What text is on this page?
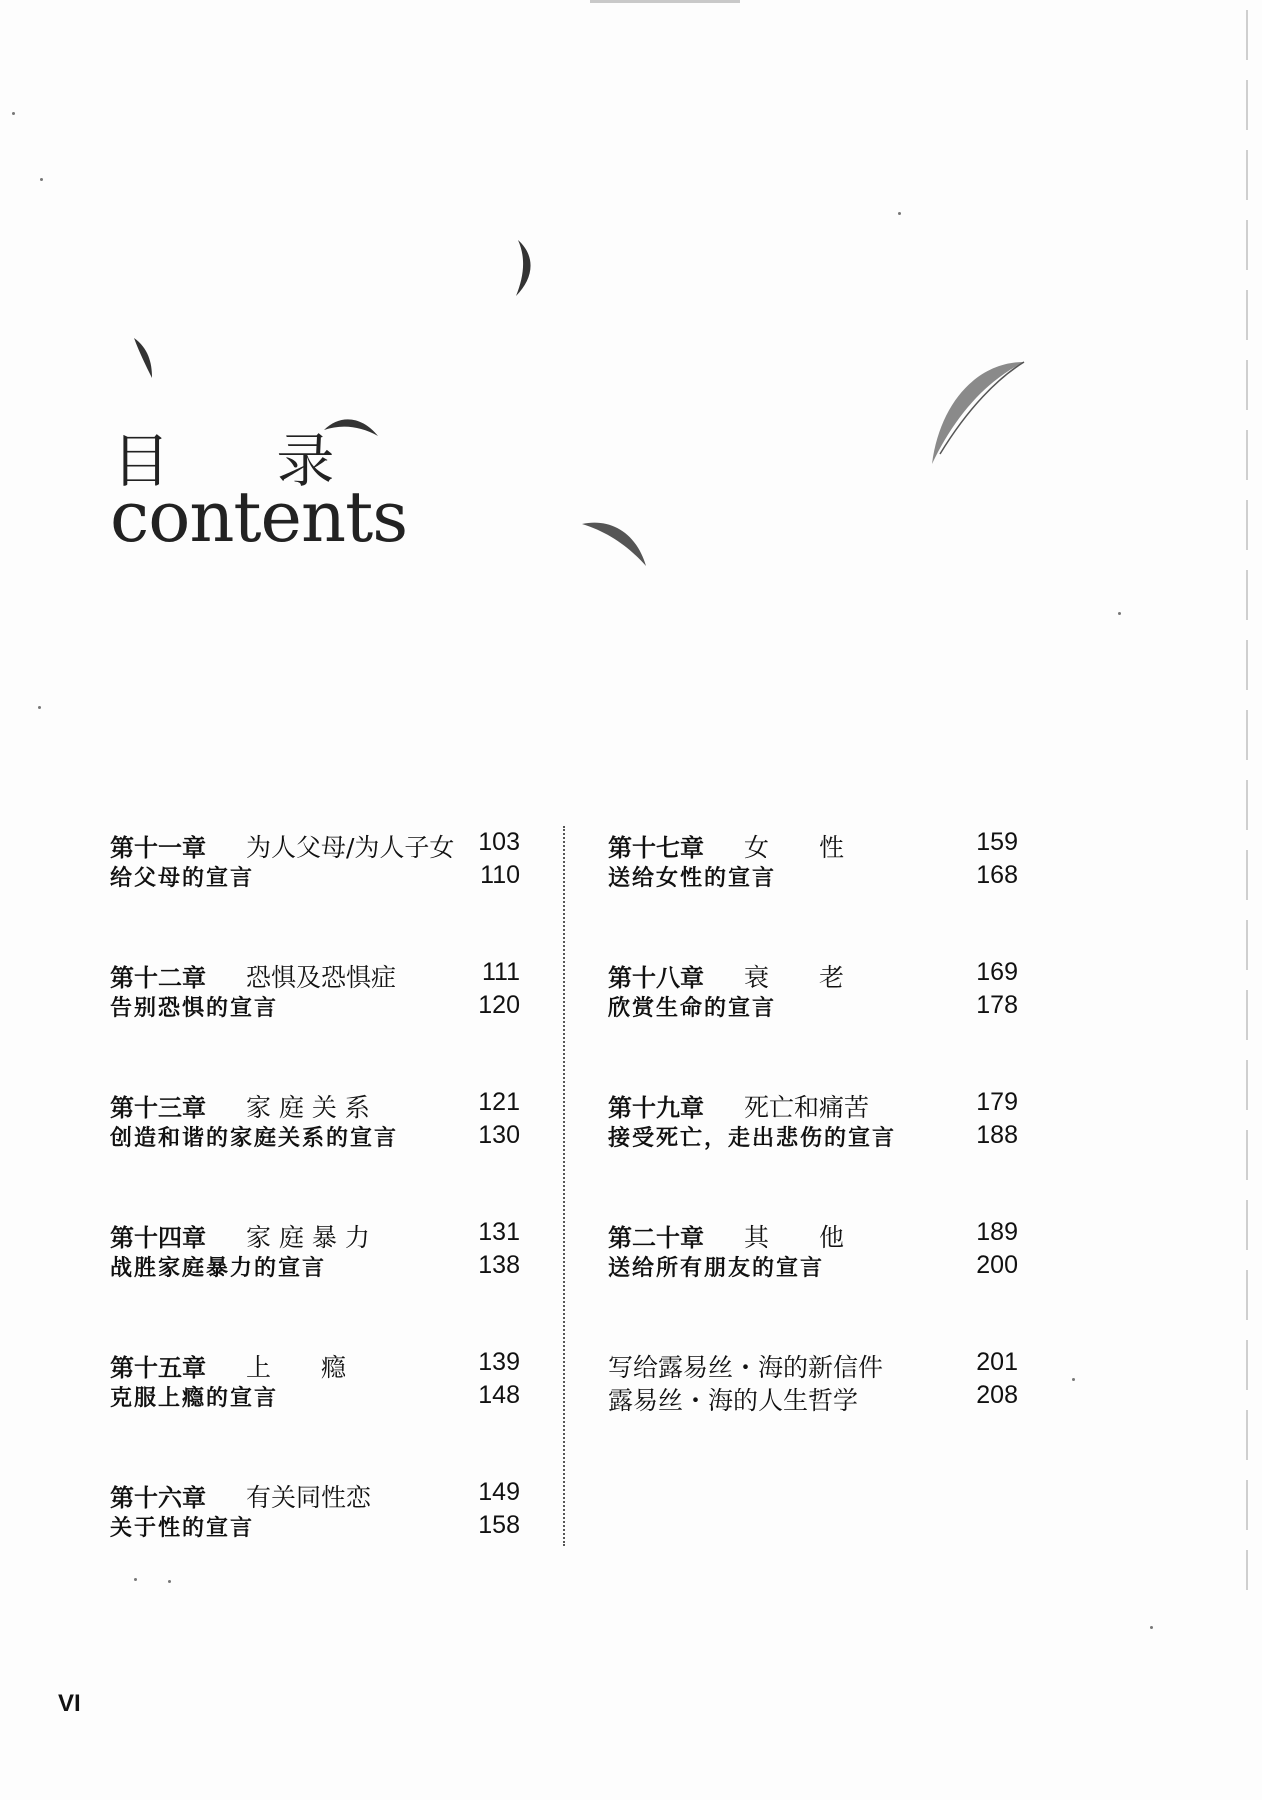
目 录
contents
第十一章 为人父母/为人子女 103
给父母的宣言	110
第十二章 恐惧及恐惧症	111
告别恐惧的宣言	120
第十三章 家 庭 关 系	121
创造和谐的家庭关系的宣言	130
第十四章 家 庭 暴 力	131
战胜家庭暴力的宣言	138
第十五章 上　　瘾	139
克服上瘾的宣言	148
第十六章 有关同性恋	149
关于性的宣言	158
第十七章 女　　性	159
送给女性的宣言	168
第十八章 衰　　老	169
欣赏生命的宣言	178
第十九章 死亡和痛苦	179
接受死亡，走出悲伤的宣言	188
第二十章 其　　他	189
送给所有朋友的宣言	200
写给露易丝・海的新信件	201
露易丝・海的人生哲学	208
VI
